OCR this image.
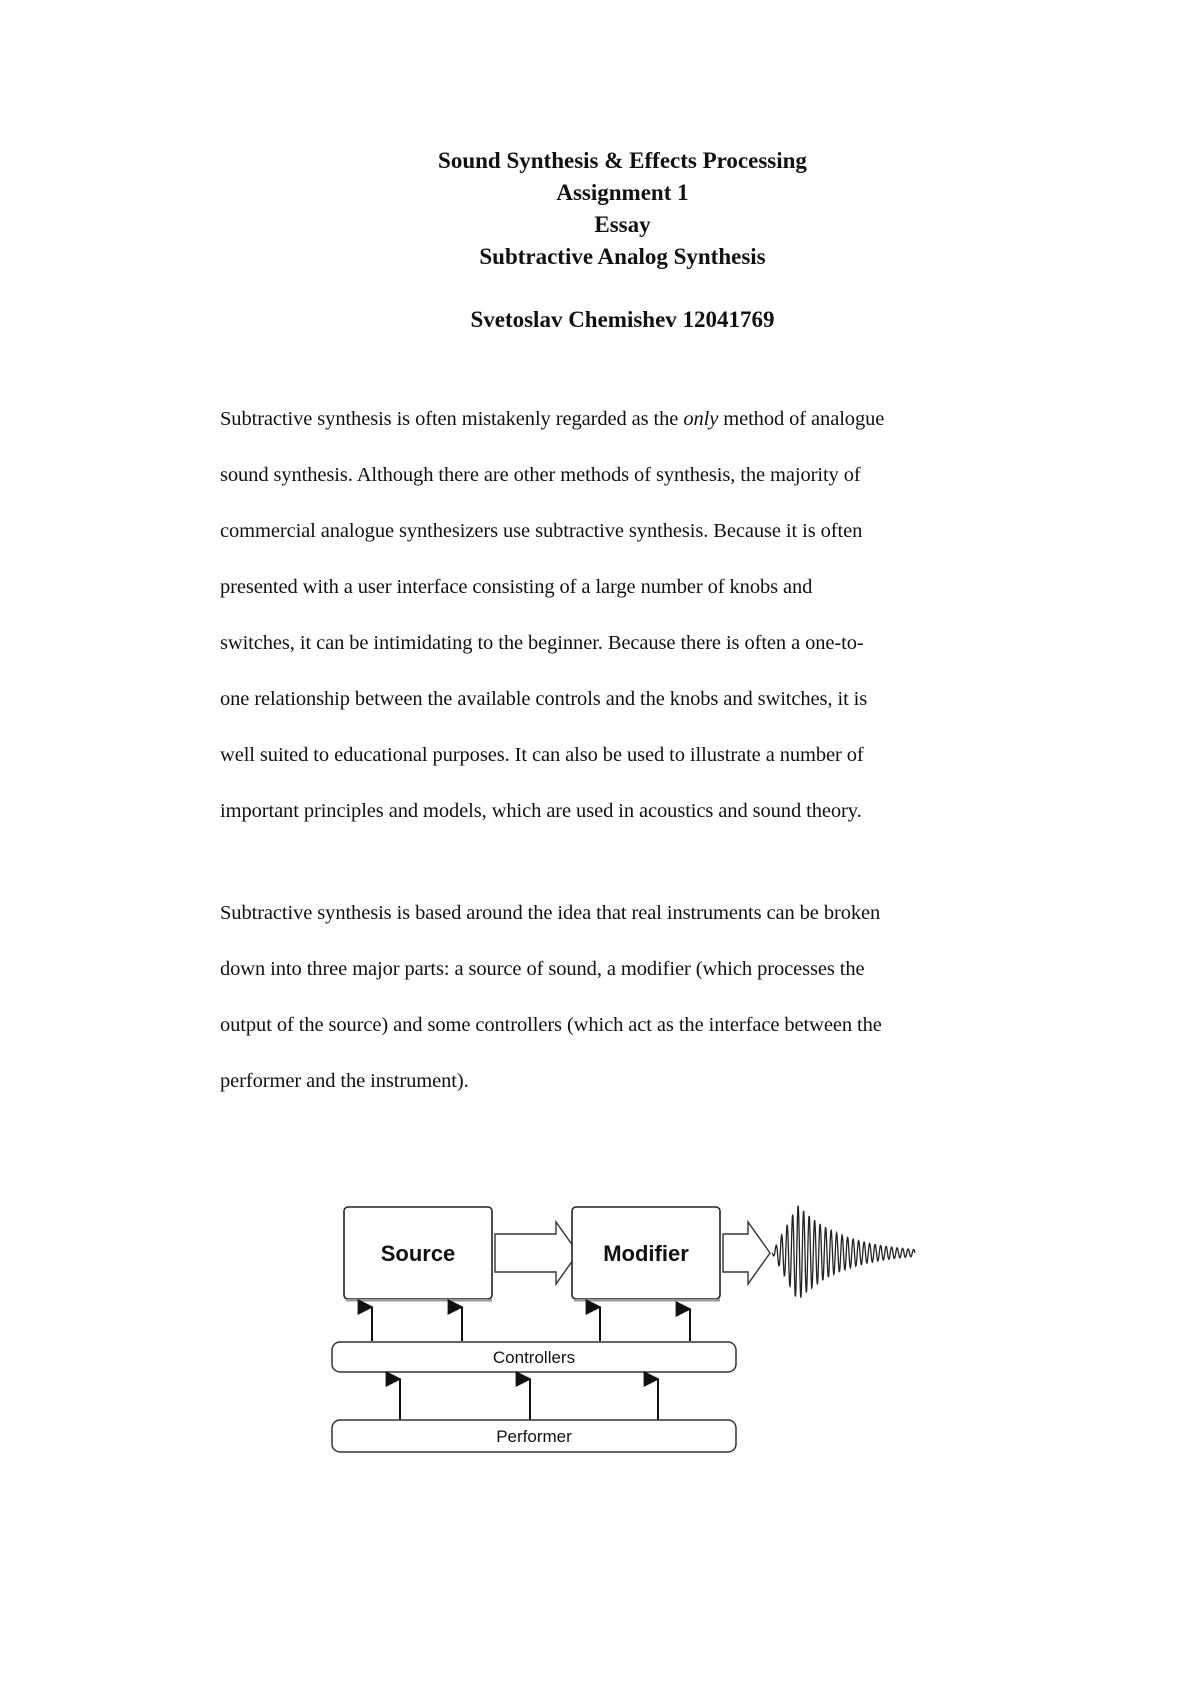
Sound Synthesis & Effects Processing
Assignment 1
Essay
Subtractive Analog Synthesis
Svetoslav Chemishev 12041769
Subtractive synthesis is often mistakenly regarded as the only method of analogue
sound synthesis. Although there are other methods of synthesis, the majority of
commercial analogue synthesizers use subtractive synthesis. Because it is often
presented with a user interface consisting of a large number of knobs and
switches, it can be intimidating to the beginner. Because there is often a one-to-
one relationship between the available controls and the knobs and switches, it is
well suited to educational purposes. It can also be used to illustrate a number of
important principles and models, which are used in acoustics and sound theory.
Subtractive synthesis is based around the idea that real instruments can be broken
down into three major parts: a source of sound, a modifier (which processes the
output of the source) and some controllers (which act as the interface between the
performer and the instrument).
Source	Modifier
Controllers
Performer
